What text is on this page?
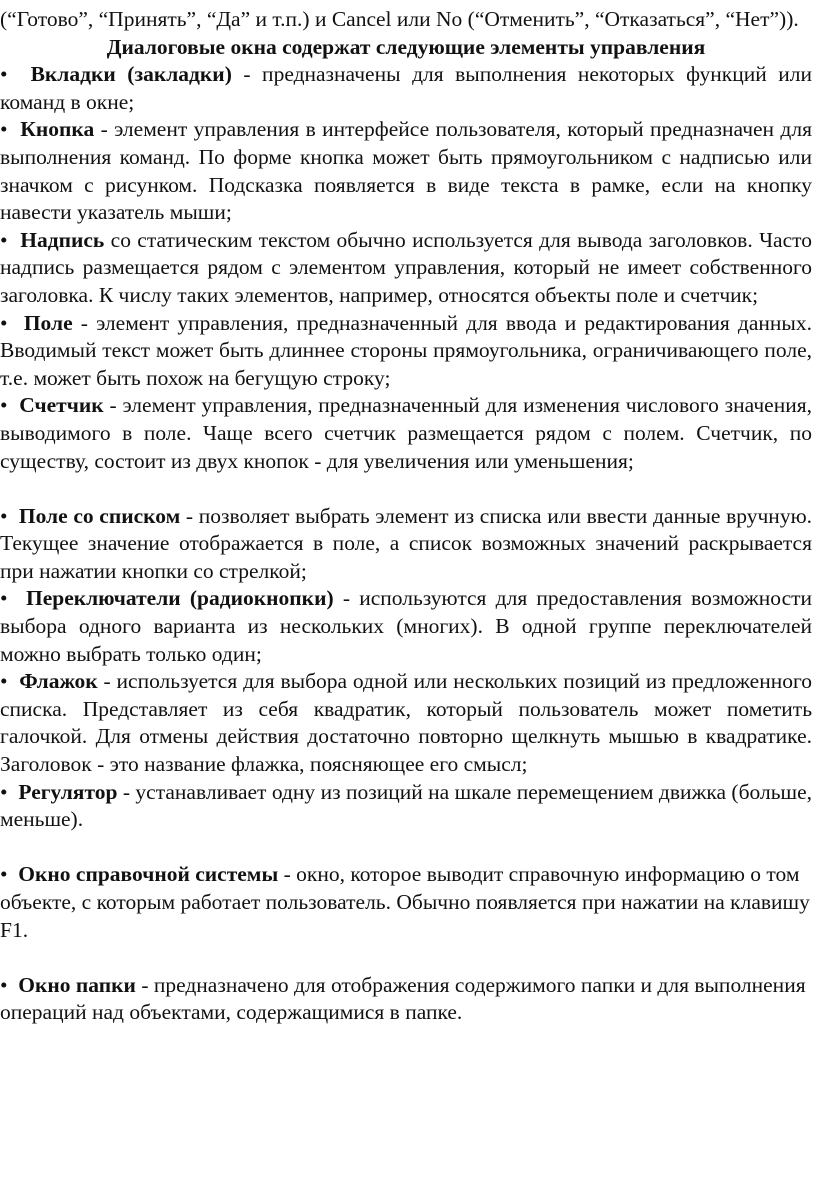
(“Готово”, “Принять”, “Да” и т.п.) и Cancel или No (“Отменить”, “Отказаться”, “Нет”)).

Диалоговые окна содержат следующие элементы управления

• Вкладки (закладки) - предназначены для выполнения некоторых функций или команд в окне;

• Кнопка - элемент управления в интерфейсе пользователя, который предназначен для выполнения команд. По форме кнопка может быть прямоугольником с надписью или значком с рисунком. Подсказка появляется в виде текста в рамке, если на кнопку навести указатель мыши;

• Надпись со статическим текстом обычно используется для вывода заголовков. Часто надпись размещается рядом с элементом управления, который не имеет собственного заголовка. К числу таких элементов, например, относятся объекты поле и счетчик;

• Поле - элемент управления, предназначенный для ввода и редактирования данных. Вводимый текст может быть длиннее стороны прямоугольника, ограничивающего поле, т.е. может быть похож на бегущую строку;

• Счетчик - элемент управления, предназначенный для изменения числового значения, выводимого в поле. Чаще всего счетчик размещается рядом с полем. Счетчик, по существу, состоит из двух кнопок - для увеличения или уменьшения;

• Поле со списком - позволяет выбрать элемент из списка или ввести данные вручную. Текущее значение отображается в поле, а список возможных значений раскрывается при нажатии кнопки со стрелкой;

• Переключатели (радиокнопки) - используются для предоставления возможности выбора одного варианта из нескольких (многих). В одной группе переключателей можно выбрать только один;

• Флажок - используется для выбора одной или нескольких позиций из предложенного списка. Представляет из себя квадратик, который пользователь может пометить галочкой. Для отмены действия достаточно повторно щелкнуть мышью в квадратике. Заголовок - это название флажка, поясняющее его смысл;

• Регулятор - устанавливает одну из позиций на шкале перемещением движка (больше, меньше).

• Окно справочной системы - окно, которое выводит справочную информацию о том объекте, с которым работает пользователь. Обычно появляется при нажатии на клавишу F1.

• Окно папки - предназначено для отображения содержимого папки и для выполнения операций над объектами, содержащимися в папке.
